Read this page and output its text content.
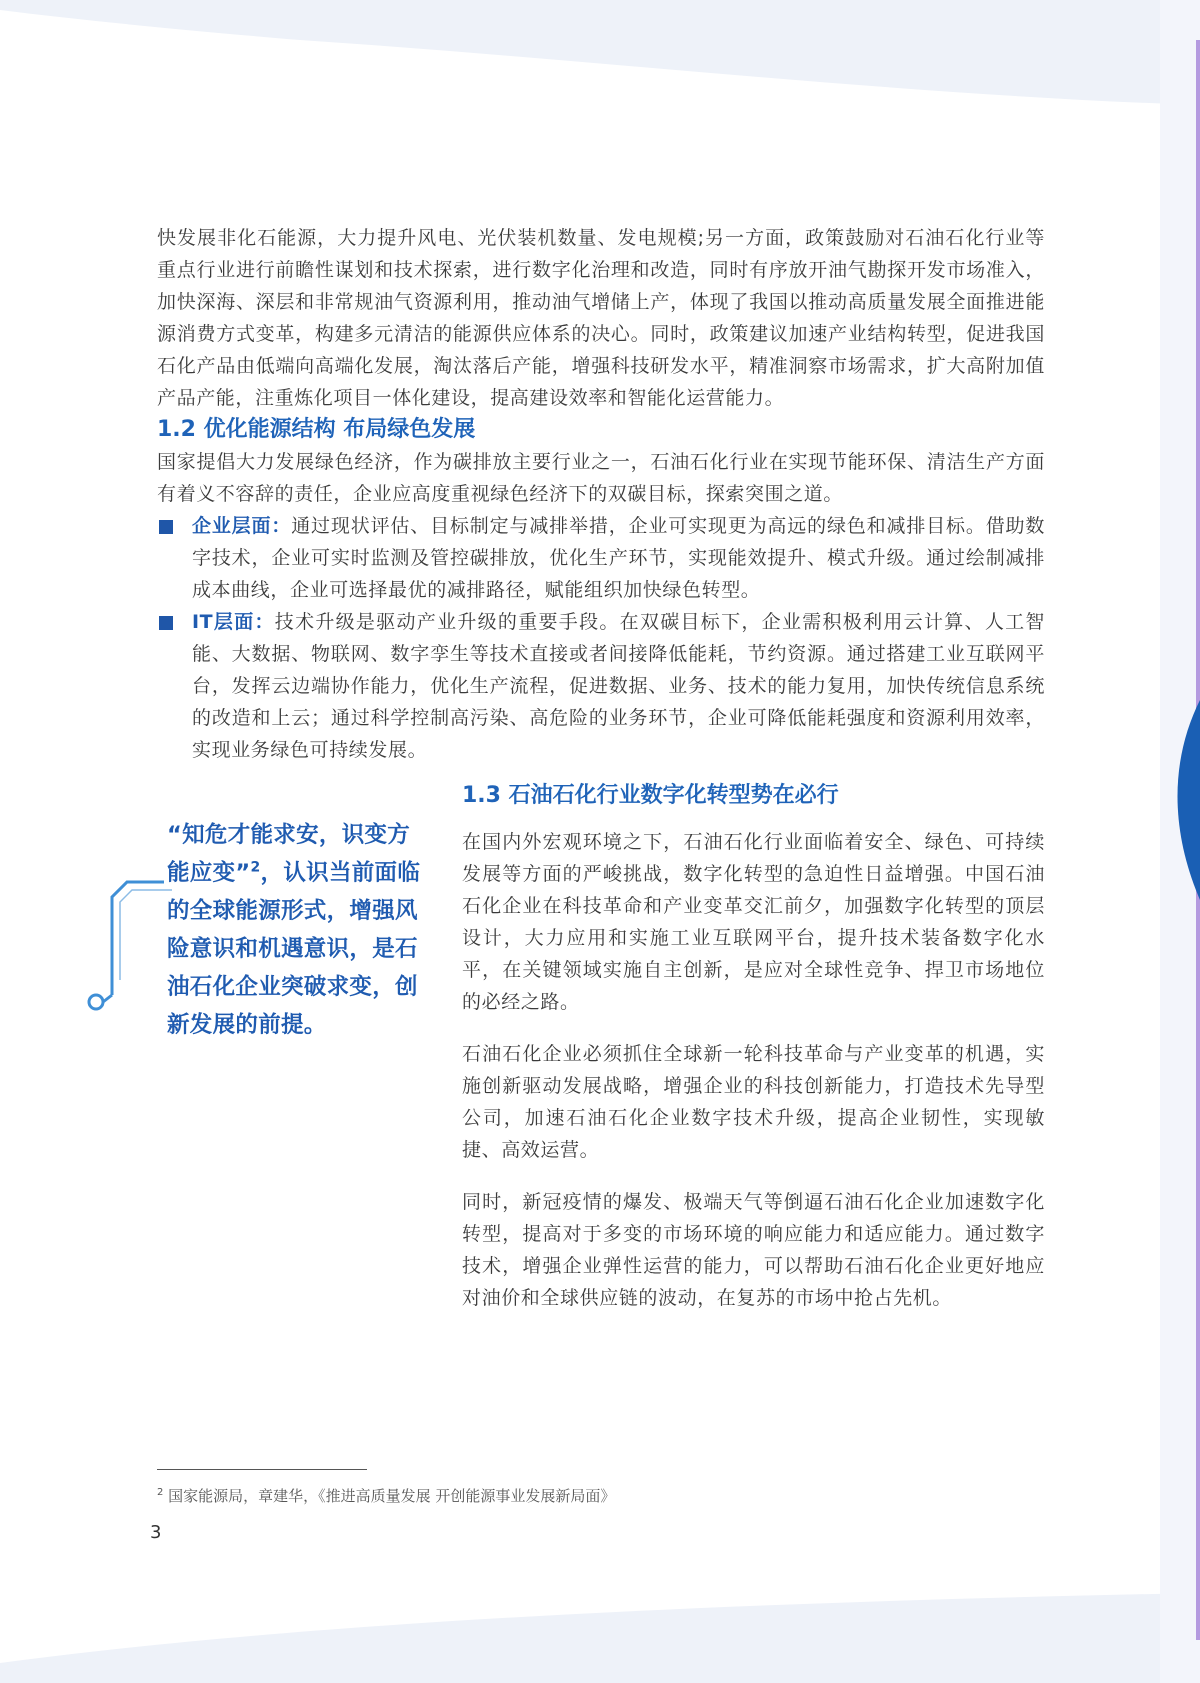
快发展非化石能源，大力提升风电、光伏装机数量、发电规模;另一方面，政策鼓励对石油石化行业等重点行业进行前瞻性谋划和技术探索，进行数字化治理和改造，同时有序放开油气勘探开发市场准入，加快深海、深层和非常规油气资源利用，推动油气增储上产，体现了我国以推动高质量发展全面推进能源消费方式变革，构建多元清洁的能源供应体系的决心。同时，政策建议加速产业结构转型，促进我国石化产品由低端向高端化发展，淘汰落后产能，增强科技研发水平，精准洞察市场需求，扩大高附加值产品产能，注重炼化项目一体化建设，提高建设效率和智能化运营能力。

1.2 优化能源结构 布局绿色发展

国家提倡大力发展绿色经济，作为碳排放主要行业之一，石油石化行业在实现节能环保、清洁生产方面有着义不容辞的责任，企业应高度重视绿色经济下的双碳目标，探索突围之道。

企业层面：通过现状评估、目标制定与减排举措，企业可实现更为高远的绿色和减排目标。借助数字技术，企业可实时监测及管控碳排放，优化生产环节，实现能效提升、模式升级。通过绘制减排成本曲线，企业可选择最优的减排路径，赋能组织加快绿色转型。

IT层面：技术升级是驱动产业升级的重要手段。在双碳目标下，企业需积极利用云计算、人工智能、大数据、物联网、数字孪生等技术直接或者间接降低能耗，节约资源。通过搭建工业互联网平台，发挥云边端协作能力，优化生产流程，促进数据、业务、技术的能力复用，加快传统信息系统的改造和上云；通过科学控制高污染、高危险的业务环节，企业可降低能耗强度和资源利用效率，实现业务绿色可持续发展。

“知危才能求安，识变方能应变”$^2$，认识当前面临的全球能源形式，增强风险意识和机遇意识，是石油石化企业突破求变，创新发展的前提。
1.3 石油石化行业数字化转型势在必行

在国内外宏观环境之下，石油石化行业面临着安全、绿色、可持续发展等方面的严峻挑战，数字化转型的急迫性日益增强。中国石油石化企业在科技革命和产业变革交汇前夕，加强数字化转型的顶层设计，大力应用和实施工业互联网平台，提升技术装备数字化水平，在关键领域实施自主创新，是应对全球性竞争、捍卫市场地位的必经之路。

石油石化企业必须抓住全球新一轮科技革命与产业变革的机遇，实施创新驱动发展战略，增强企业的科技创新能力，打造技术先导型公司，加速石油石化企业数字技术升级，提高企业韧性，实现敏捷、高效运营。

同时，新冠疫情的爆发、极端天气等倒逼石油石化企业加速数字化转型，提高对于多变的市场环境的响应能力和适应能力。通过数字技术，增强企业弹性运营的能力，可以帮助石油石化企业更好地应对油价和全球供应链的波动，在复苏的市场中抢占先机。

$^2$ 国家能源局，章建华，《推进高质量发展 开创能源事业发展新局面》
3
